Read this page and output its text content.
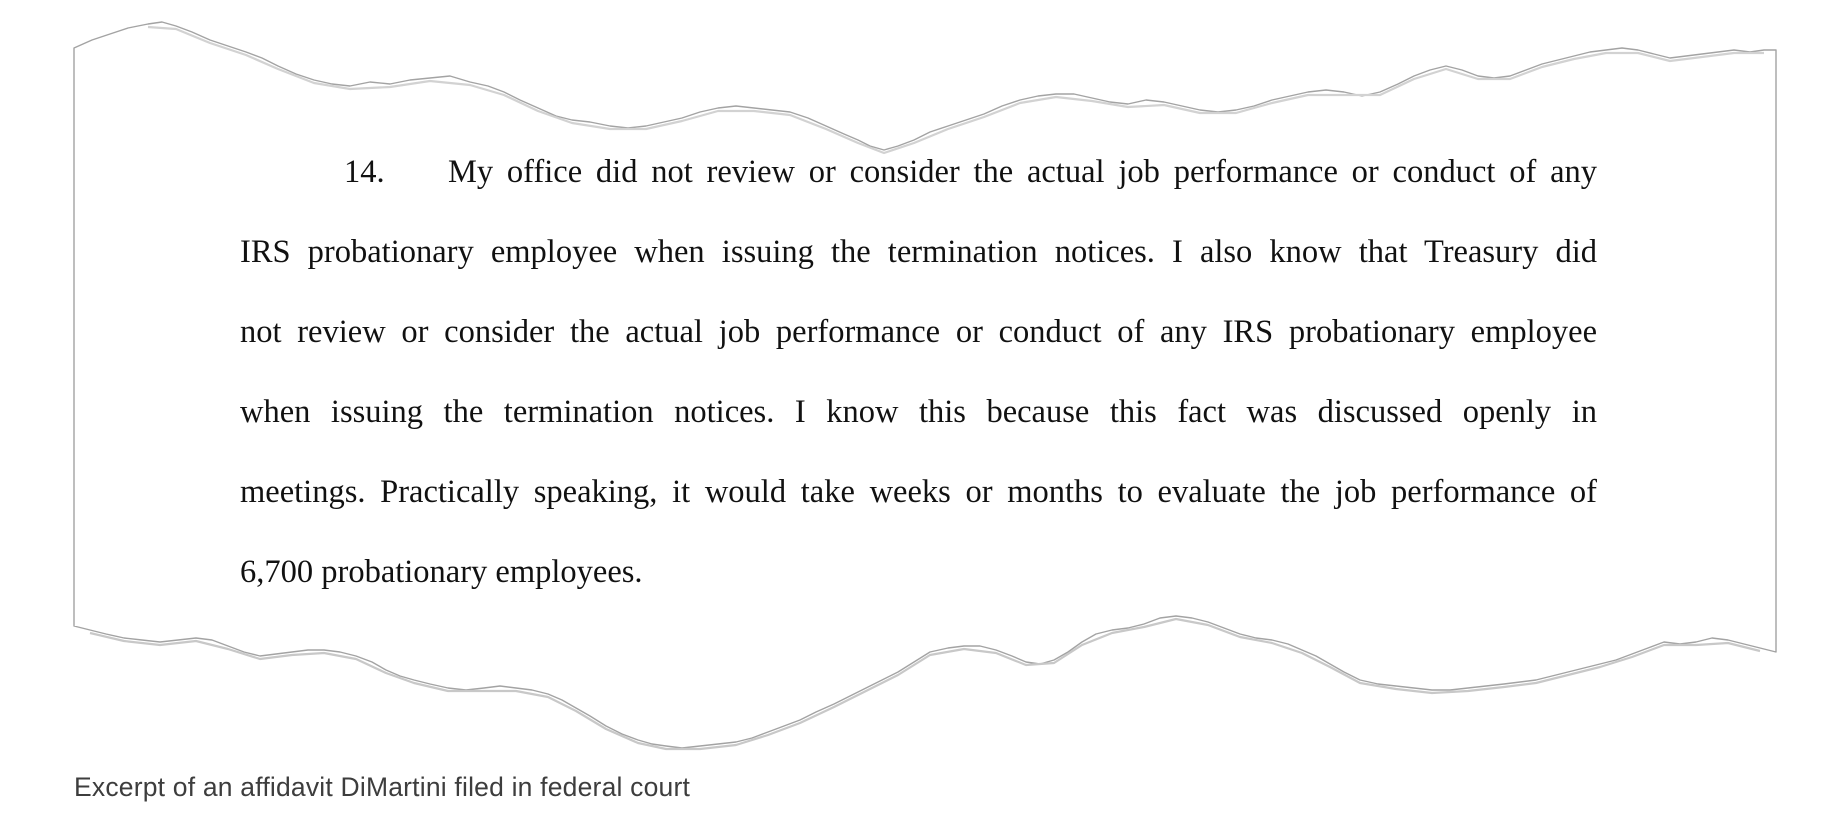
14. My office did not review or consider the actual job performance or conduct of any
IRS probationary employee when issuing the termination notices. I also know that Treasury did
not review or consider the actual job performance or conduct of any IRS probationary employee
when issuing the termination notices. I know this because this fact was discussed openly in
meetings. Practically speaking, it would take weeks or months to evaluate the job performance of
6,700 probationary employees.
Excerpt of an affidavit DiMartini filed in federal court
